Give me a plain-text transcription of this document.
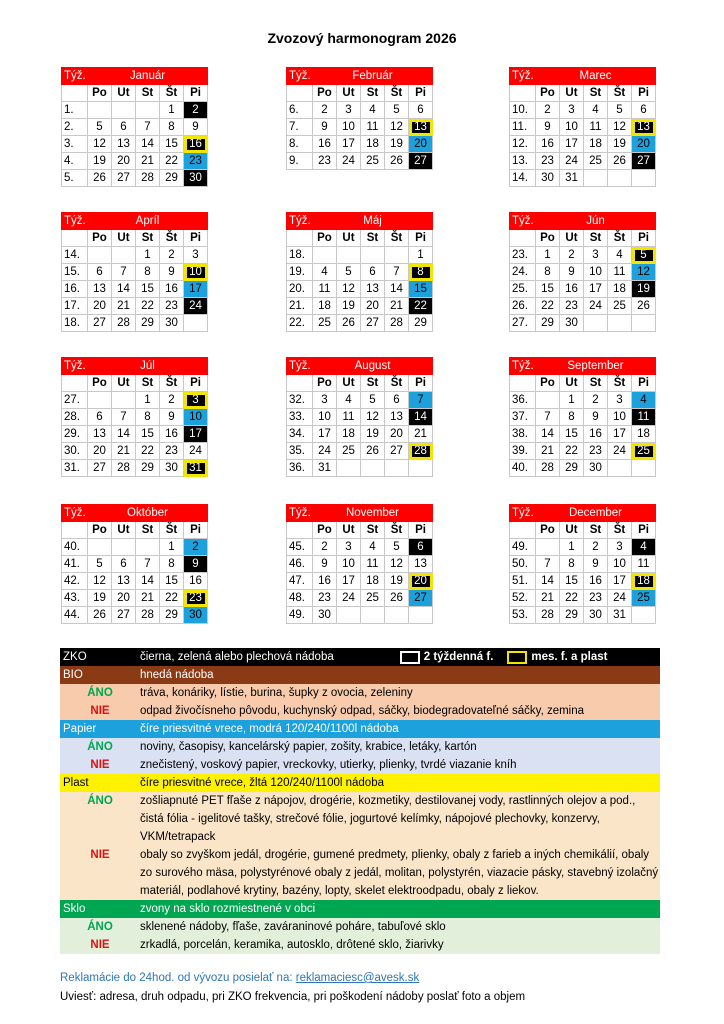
Zvozový harmonogram 2026
Týž.	Január				
	Po	Ut	St	Št	Pi
1.				1	2
2.	5	6	7	8	9
3.	12	13	14	15	16
4.	19	20	21	22	23
5.	26	27	28	29	30
Týž.	Február				
	Po	Ut	St	Št	Pi
6.	2	3	4	5	6
7.	9	10	11	12	13
8.	16	17	18	19	20
9.	23	24	25	26	27
Týž.	Marec				
	Po	Ut	St	Št	Pi
10.	2	3	4	5	6
11.	9	10	11	12	13
12.	16	17	18	19	20
13.	23	24	25	26	27
14.	30	31			
Týž.	Apríl				
	Po	Ut	St	Št	Pi
14.			1	2	3
15.	6	7	8	9	10
16.	13	14	15	16	17
17.	20	21	22	23	24
18.	27	28	29	30	
Týž.	Máj				
	Po	Ut	St	Št	Pi
18.					1
19.	4	5	6	7	8
20.	11	12	13	14	15
21.	18	19	20	21	22
22.	25	26	27	28	29
Týž.	Jún				
	Po	Ut	St	Št	Pi
23.	1	2	3	4	5
24.	8	9	10	11	12
25.	15	16	17	18	19
26.	22	23	24	25	26
27.	29	30			
Týž.	Júl				
	Po	Ut	St	Št	Pi
27.			1	2	3
28.	6	7	8	9	10
29.	13	14	15	16	17
30.	20	21	22	23	24
31.	27	28	29	30	31
Týž.	August				
	Po	Ut	St	Št	Pi
32.	3	4	5	6	7
33.	10	11	12	13	14
34.	17	18	19	20	21
35.	24	25	26	27	28
36.	31				
Týž.	September				
	Po	Ut	St	Št	Pi
36.		1	2	3	4
37.	7	8	9	10	11
38.	14	15	16	17	18
39.	21	22	23	24	25
40.	28	29	30		
Týž.	Október				
	Po	Ut	St	Št	Pi
40.				1	2
41.	5	6	7	8	9
42.	12	13	14	15	16
43.	19	20	21	22	23
44.	26	27	28	29	30
Týž.	November				
	Po	Ut	St	Št	Pi
45.	2	3	4	5	6
46.	9	10	11	12	13
47.	16	17	18	19	20
48.	23	24	25	26	27
49.	30				
Týž.	December				
	Po	Ut	St	Št	Pi
49.		1	2	3	4
50.	7	8	9	10	11
51.	14	15	16	17	18
52.	21	22	23	24	25
53.	28	29	30	31	
ZKO	čierna, zelená alebo plechová nádoba	2 týždenná f.	mes. f. a plast
BIO	hnedá nádoba
ÁNO	tráva, konáriky, lístie, burina, šupky z ovocia, zeleniny
NIE	odpad živočísneho pôvodu, kuchynský odpad, sáčky, biodegradovateľné sáčky, zemina
Papier	číre priesvitné vrece, modrá 120/240/1100l nádoba
ÁNO	noviny, časopisy, kancelárský papier, zošity, krabice, letáky, kartón
NIE	znečistený, voskový papier, vreckovky, utierky, plienky, tvrdé viazanie kníh
Plast	číre priesvitné vrece, žltá 120/240/1100l nádoba
ÁNO	zošliapnuté PET fľaše z nápojov, drogérie, kozmetiky, destilovanej vody, rastlinných olejov a pod., čistá fólia - igelitové tašky, strečové fólie, jogurtové kelímky, nápojové plechovky, konzervy, VKM/tetrapack
NIE	obaly so zvyškom jedál, drogérie, gumené predmety, plienky, obaly z farieb a iných chemikálií, obaly zo surového mäsa, polystyrénové obaly z jedál, molitan, polystyrén, viazacie pásky, stavebný izolačný materiál, podlahové krytiny, bazény, lopty, skelet elektroodpadu, obaly z liekov.
Sklo	zvony na sklo rozmiestnené v obci
ÁNO	sklenené nádoby, fľaše, zaváraninové poháre, tabuľové sklo
NIE	zrkadlá, porcelán, keramika, autosklo, drôtené sklo, žiarivky
Reklamácie do 24hod. od vývozu posielať na: reklamaciesc@avesk.sk
Uviesť: adresa, druh odpadu, pri ZKO frekvencia, pri poškodení nádoby poslať foto a objem
